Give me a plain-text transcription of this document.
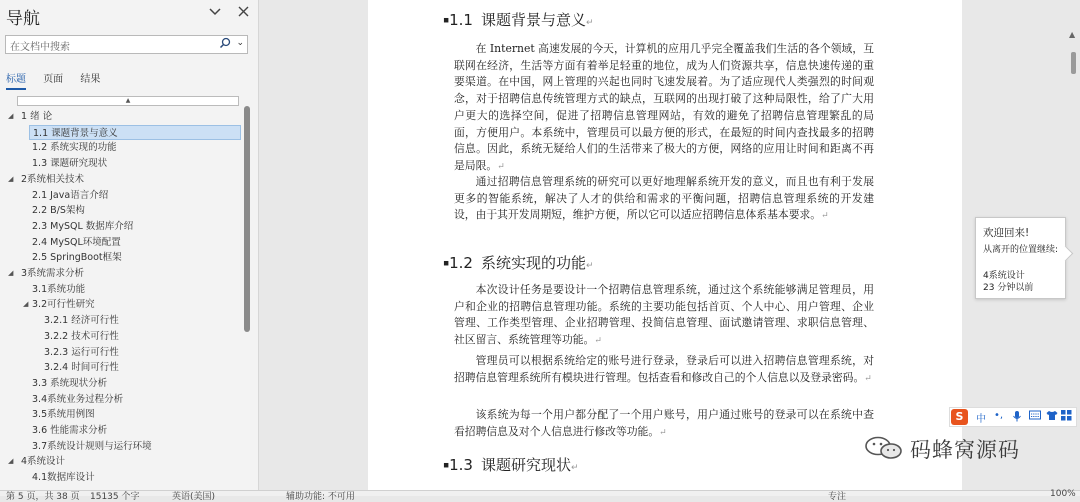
导航
在文档中搜索	⌄
标题 页面 结果
▲
◢ 1 绪 论
1.1 课题背景与意义
1.2 系统实现的功能
1.3 课题研究现状
◢ 2系统相关技术
2.1 Java语言介绍
2.2 B/S架构
2.3 MySQL 数据库介绍
2.4 MySQL环境配置
2.5 SpringBoot框架
◢ 3系统需求分析
3.1系统功能
◢ 3.2可行性研究
3.2.1 经济可行性
3.2.2 技术可行性
3.2.3 运行可行性
3.2.4 时间可行性
3.3 系统现状分析
3.4系统业务过程分析
3.5系统用例图
3.6 性能需求分析
3.7系统设计规则与运行环境
◢ 4系统设计
4.1数据库设计
▪1.1 课题背景与意义↵
在 Internet 高速发展的今天，计算机的应用几乎完全覆盖我们生活的各个领域，互联网在经济，生活等方面有着举足轻重的地位，成为人们资源共享，信息快速传递的重要渠道。在中国，网上管理的兴起也同时飞速发展着。为了适应现代人类强烈的时间观念，对于招聘信息传统管理方式的缺点，互联网的出现打破了这种局限性，给了广大用户更大的选择空间，促进了招聘信息管理网站，有效的避免了招聘信息管理繁乱的局面，方便用户。本系统中，管理员可以最方便的形式，在最短的时间内查找最多的招聘信息。因此，系统无疑给人们的生活带来了极大的方便，网络的应用让时间和距离不再是局限。↵
通过招聘信息管理系统的研究可以更好地理解系统开发的意义，而且也有利于发展更多的智能系统，解决了人才的供给和需求的平衡问题，招聘信息管理系统的开发建设，由于其开发周期短，维护方便，所以它可以适应招聘信息体系基本要求。↵
▪1.2 系统实现的功能↵
本次设计任务是要设计一个招聘信息管理系统，通过这个系统能够满足管理员，用户和企业的招聘信息管理功能。系统的主要功能包括首页、个人中心、用户管理、企业管理、工作类型管理、企业招聘管理、投简信息管理、面试邀请管理、求职信息管理、社区留言、系统管理等功能。↵
管理员可以根据系统给定的账号进行登录，登录后可以进入招聘信息管理系统，对招聘信息管理系统所有模块进行管理。包括查看和修改自己的个人信息以及登录密码。↵
该系统为每一个用户都分配了一个用户账号，用户通过账号的登录可以在系统中查看招聘信息及对个人信息进行修改等功能。↵
▪1.3 课题研究现状↵
▲
欢迎回来!
从离开的位置继续:
4系统设计
23 分钟以前
S	中 •,
码蜂窝源码
第 5 页，共 38 页 15135 个字	英语(美国)	辅助功能: 不可用	专注	100%
